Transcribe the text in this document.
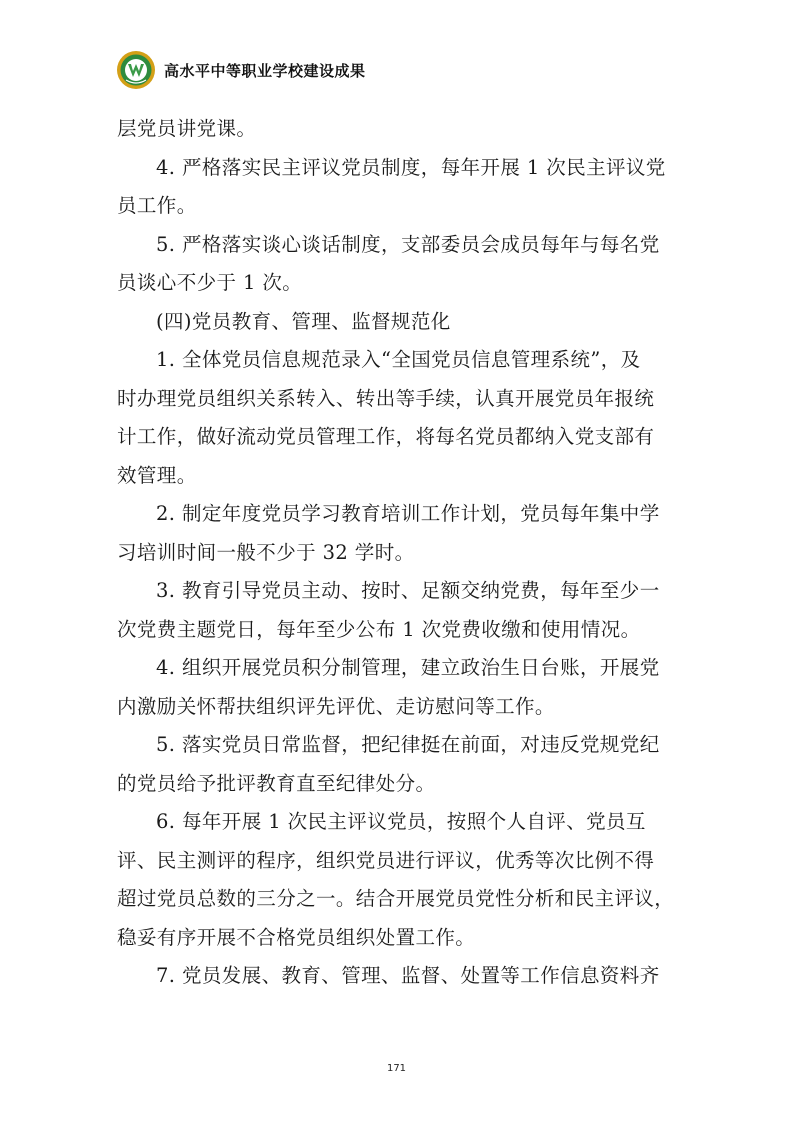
高水平中等职业学校建设成果
层党员讲党课。
4. 严格落实民主评议党员制度，每年开展 1 次民主评议党
员工作。
5. 严格落实谈心谈话制度，支部委员会成员每年与每名党
员谈心不少于 1 次。
(四)党员教育、管理、监督规范化
1. 全体党员信息规范录入“全国党员信息管理系统”，及
时办理党员组织关系转入、转出等手续，认真开展党员年报统
计工作，做好流动党员管理工作，将每名党员都纳入党支部有
效管理。
2. 制定年度党员学习教育培训工作计划，党员每年集中学
习培训时间一般不少于 32 学时。
3. 教育引导党员主动、按时、足额交纳党费，每年至少一
次党费主题党日，每年至少公布 1 次党费收缴和使用情况。
4. 组织开展党员积分制管理，建立政治生日台账，开展党
内激励关怀帮扶组织评先评优、走访慰问等工作。
5. 落实党员日常监督，把纪律挺在前面，对违反党规党纪
的党员给予批评教育直至纪律处分。
6. 每年开展 1 次民主评议党员，按照个人自评、党员互
评、民主测评的程序，组织党员进行评议，优秀等次比例不得
超过党员总数的三分之一。结合开展党员党性分析和民主评议，
稳妥有序开展不合格党员组织处置工作。
7. 党员发展、教育、管理、监督、处置等工作信息资料齐
171
